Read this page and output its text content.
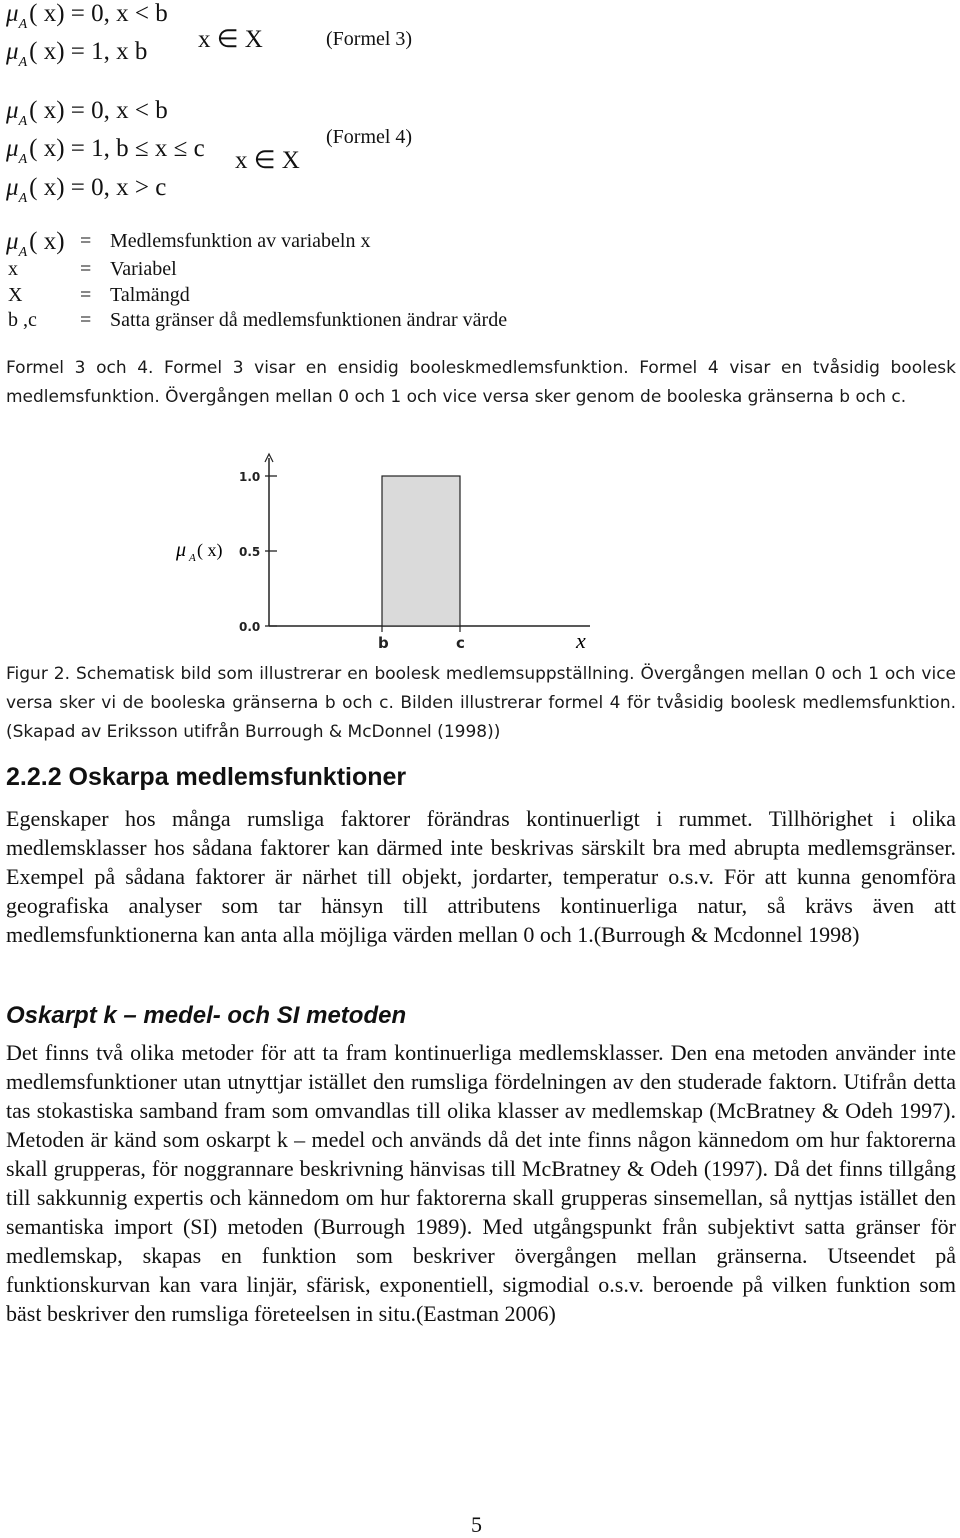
$\mu_A$( x) = 0, x < b
$\mu_A$( x) = 1, x b x ∈ X	(Formel 3)
$\mu_A$( x) = 0, x < b
$\mu_A$( x) = 1, b ≤ x ≤ c
$\mu_A$( x) = 0, x > c
x ∈ X
(Formel 4)
$\mu_A$( x) = Medlemsfunktion av variabeln x
x	= Variabel
X	= Talmängd
b ,c = Satta gränser då medlemsfunktionen ändrar värde
Formel 3 och 4. Formel 3 visar en ensidig booleskmedlemsfunktion. Formel 4 visar en tvåsidig boolesk medlemsfunktion. Övergången mellan 0 och 1 och vice versa sker genom de booleska gränserna b och c.
1.0
0.5
0.0
b	c
μ A ( x)
x
Figur 2. Schematisk bild som illustrerar en boolesk medlemsuppställning. Övergången mellan 0 och 1 och vice versa sker vi de booleska gränserna b och c. Bilden illustrerar formel 4 för tvåsidig boolesk medlemsfunktion. (Skapad av Eriksson utifrån Burrough & McDonnel (1998))
2.2.2 Oskarpa medlemsfunktioner
Egenskaper hos många rumsliga faktorer förändras kontinuerligt i rummet. Tillhörighet i olika medlemsklasser hos sådana faktorer kan därmed inte beskrivas särskilt bra med abrupta medlemsgränser. Exempel på sådana faktorer är närhet till objekt, jordarter, temperatur o.s.v. För att kunna genomföra geografiska analyser som tar hänsyn till attributens kontinuerliga natur, så krävs även att medlemsfunktionerna kan anta alla möjliga värden mellan 0 och 1.(Burrough & Mcdonnel 1998)
Oskarpt k – medel- och SI metoden
Det finns två olika metoder för att ta fram kontinuerliga medlemsklasser. Den ena metoden använder inte medlemsfunktioner utan utnyttjar istället den rumsliga fördelningen av den studerade faktorn. Utifrån detta tas stokastiska samband fram som omvandlas till olika klasser av medlemskap (McBratney & Odeh 1997). Metoden är känd som oskarpt k – medel och används då det inte finns någon kännedom om hur faktorerna skall grupperas, för noggrannare beskrivning hänvisas till McBratney & Odeh (1997). Då det finns tillgång till sakkunnig expertis och kännedom om hur faktorerna skall grupperas sinsemellan, så nyttjas istället den semantiska import (SI) metoden (Burrough 1989). Med utgångspunkt från subjektivt satta gränser för medlemskap, skapas en funktion som beskriver övergången mellan gränserna. Utseendet på funktionskurvan kan vara linjär, sfärisk, exponentiell, sigmodial o.s.v. beroende på vilken funktion som bäst beskriver den rumsliga företeelsen in situ.(Eastman 2006)
5
